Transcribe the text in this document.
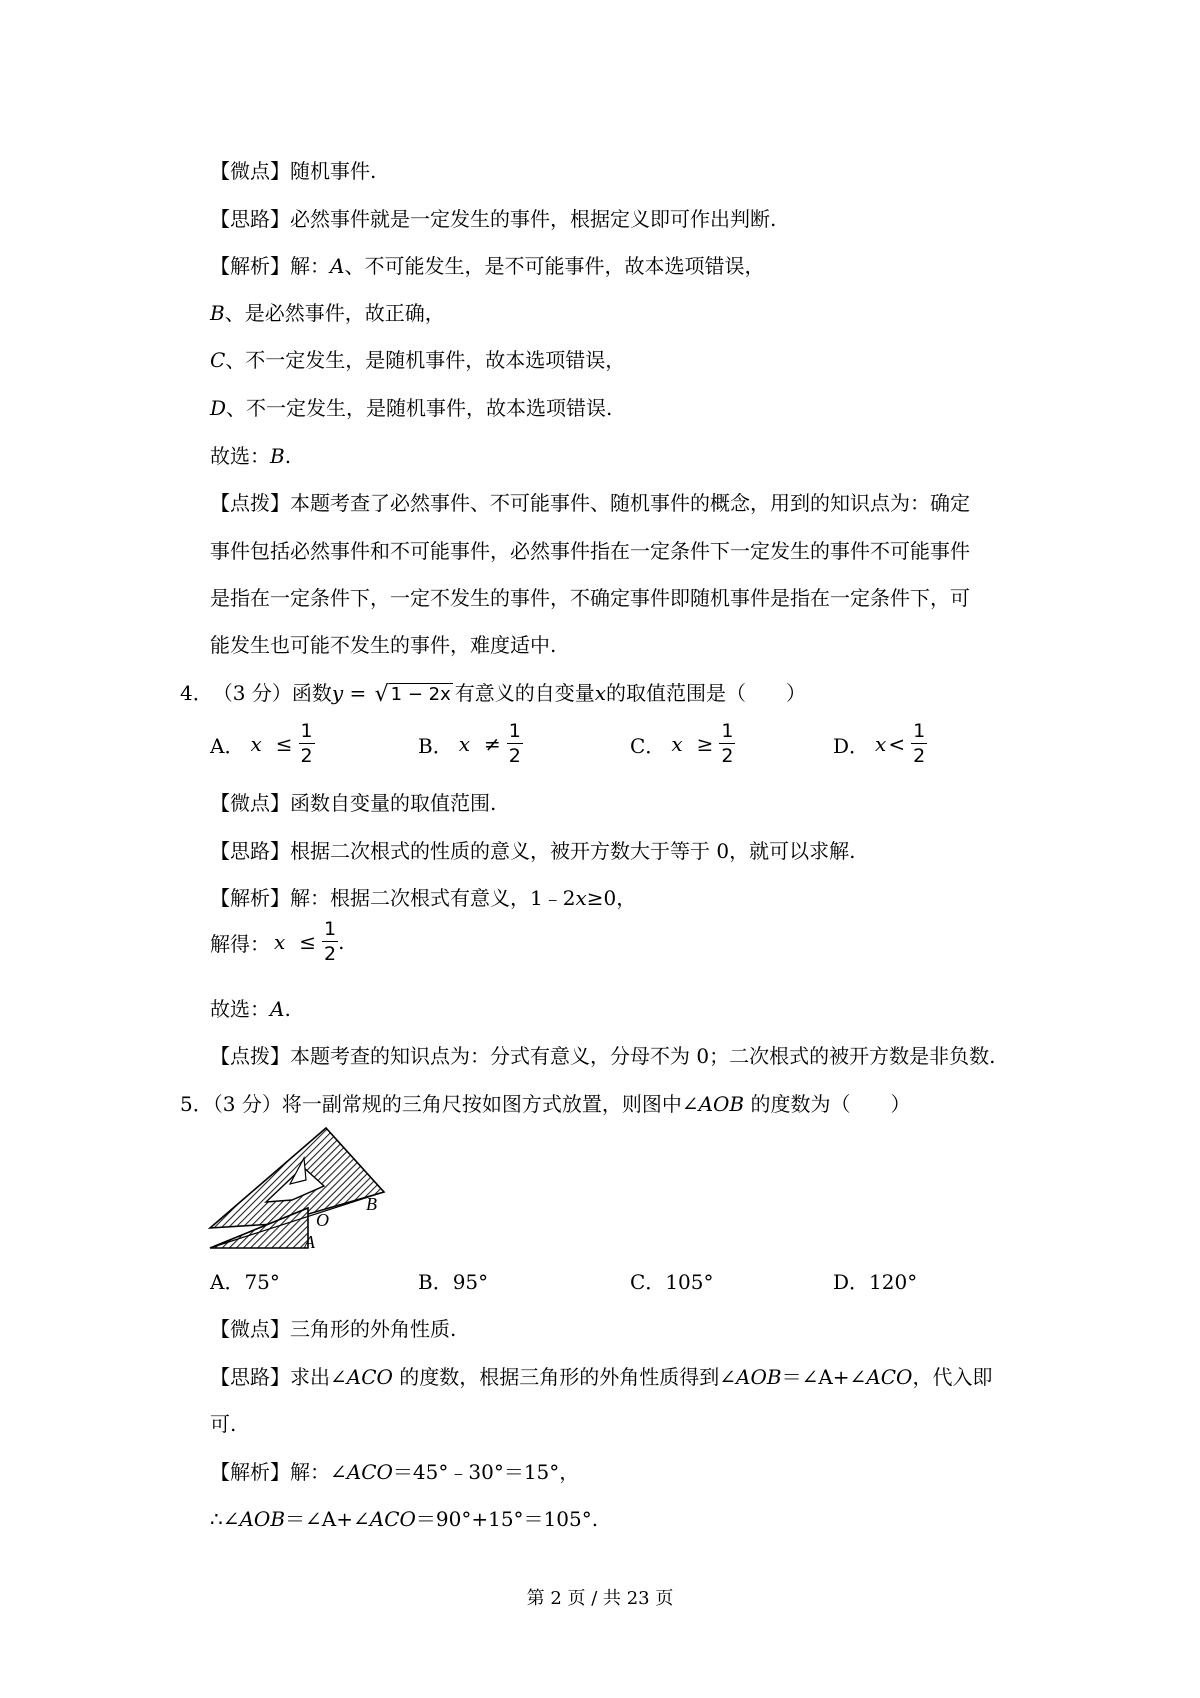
【微点】随机事件.
【思路】必然事件就是一定发生的事件，根据定义即可作出判断.
【解析】解：A、不可能发生，是不可能事件，故本选项错误，
B、是必然事件，故正确，
C、不一定发生，是随机事件，故本选项错误，
D、不一定发生，是随机事件，故本选项错误.
故选：B.
【点拨】本题考查了必然事件、不可能事件、随机事件的概念，用到的知识点为：确定
事件包括必然事件和不可能事件，必然事件指在一定条件下一定发生的事件不可能事件
是指在一定条件下，一定不发生的事件，不确定事件即随机事件是指在一定条件下，可
能发生也可能不发生的事件，难度适中.
4． （3 分）函数 y = √ 1 − 2x 有意义的自变量 x 的取值范围是（　　）
A． $x \le \frac{1}{2}$	B． $x \ne \frac{1}{2}$	C． $x \ge \frac{1}{2}$	D． $x < \frac{1}{2}$
【微点】函数自变量的取值范围.
【思路】根据二次根式的性质的意义，被开方数大于等于 0，就可以求解.
【解析】解：根据二次根式有意义，1﹣2x≥0，
解得： $x \le \frac{1}{2}$ .
故选：A.
【点拨】本题考查的知识点为：分式有意义，分母不为 0；二次根式的被开方数是非负数.
5．（3 分）将一副常规的三角尺按如图方式放置，则图中∠AOB 的度数为（　　）
O
B
A
A．75°	B．95°	C．105°	D．120°
【微点】三角形的外角性质.
【思路】求出∠ACO 的度数，根据三角形的外角性质得到∠AOB＝∠A+∠ACO，代入即
可.
【解析】解：∠ACO＝45°﹣30°＝15°，
∴∠AOB＝∠A+∠ACO＝90°+15°＝105°.
第 2 页 / 共 23 页
